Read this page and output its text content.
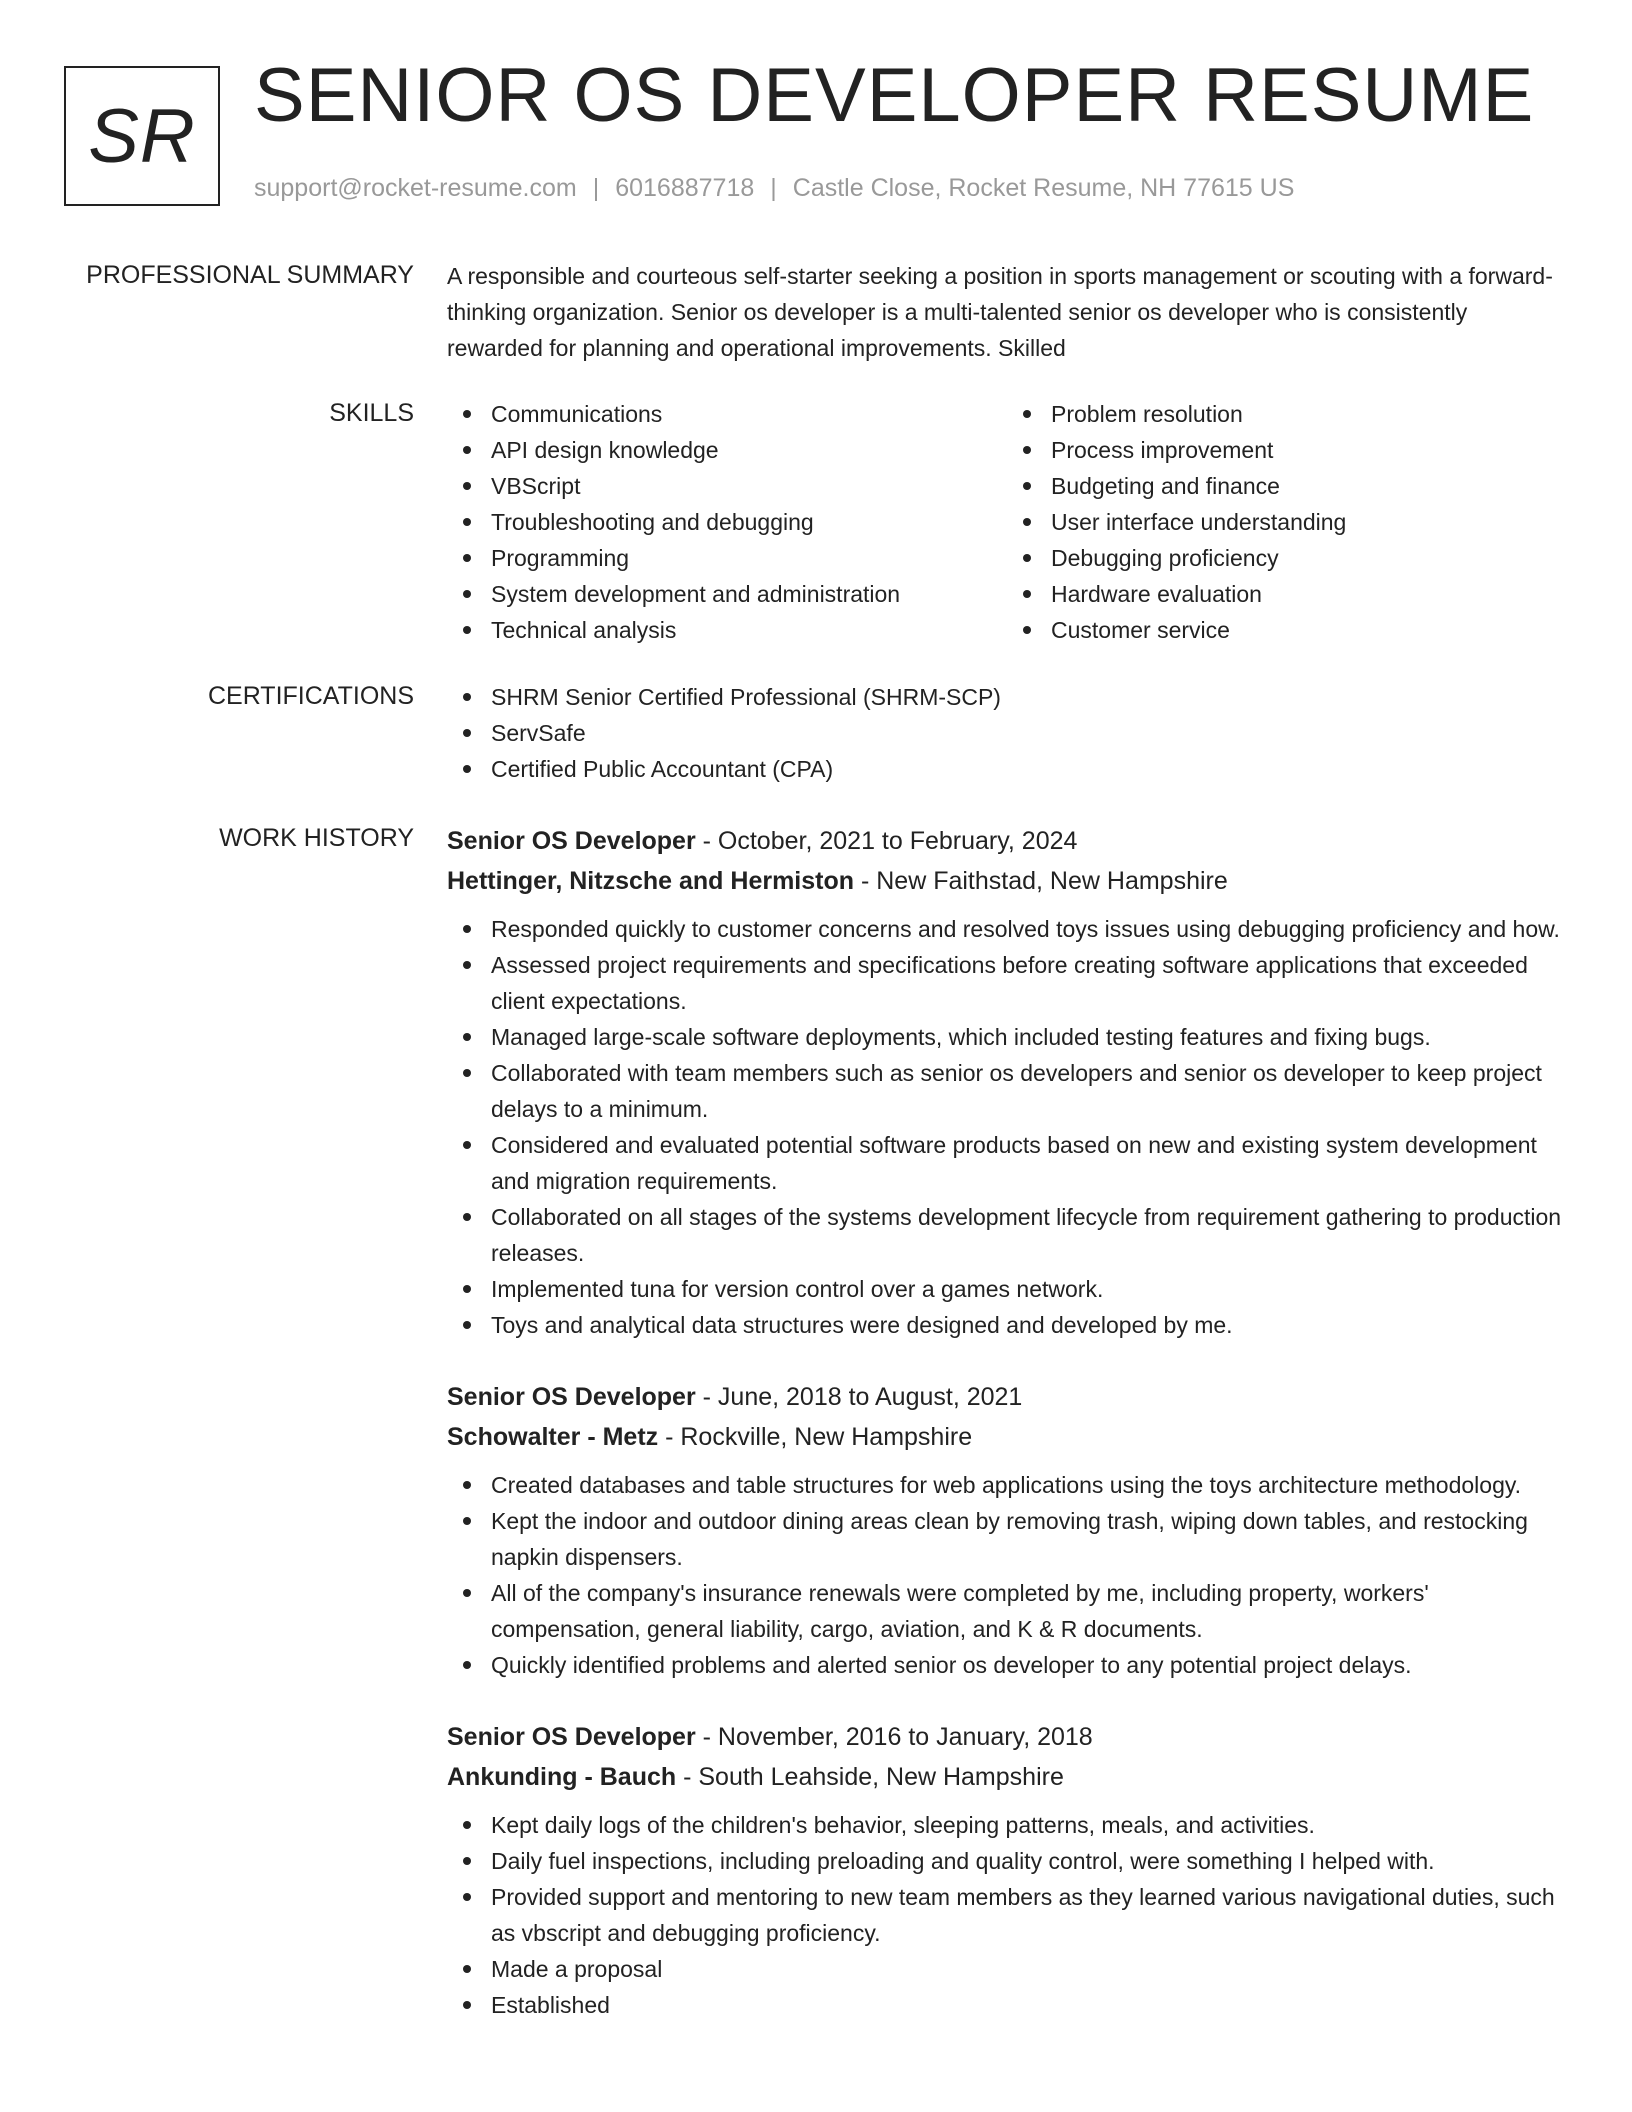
SR SENIOR OS DEVELOPER RESUME
support@rocket-resume.com | 6016887718 | Castle Close, Rocket Resume, NH 77615 US
PROFESSIONAL SUMMARY A responsible and courteous self-starter seeking a position in sports management or scouting with a forward-thinking organization. Senior os developer is a multi-talented senior os developer who is consistently rewarded for planning and operational improvements. Skilled
SKILLS	Communications
API design knowledge
VBScript
Troubleshooting and debugging
Programming
System development and administration
Technical analysis
Problem resolution
Process improvement
Budgeting and finance
User interface understanding
Debugging proficiency
Hardware evaluation
Customer service
CERTIFICATIONS	SHRM Senior Certified Professional (SHRM-SCP)
ServSafe
Certified Public Accountant (CPA)
WORK HISTORY Senior OS Developer - October, 2021 to February, 2024
Hettinger, Nitzsche and Hermiston - New Faithstad, New Hampshire
Responded quickly to customer concerns and resolved toys issues using debugging proficiency and how.
Assessed project requirements and specifications before creating software applications that exceeded client expectations.
Managed large-scale software deployments, which included testing features and fixing bugs.
Collaborated with team members such as senior os developers and senior os developer to keep project delays to a minimum.
Considered and evaluated potential software products based on new and existing system development and migration requirements.
Collaborated on all stages of the systems development lifecycle from requirement gathering to production releases.
Implemented tuna for version control over a games network.
Toys and analytical data structures were designed and developed by me.
Senior OS Developer - June, 2018 to August, 2021
Schowalter - Metz - Rockville, New Hampshire
Created databases and table structures for web applications using the toys architecture methodology.
Kept the indoor and outdoor dining areas clean by removing trash, wiping down tables, and restocking napkin dispensers.
All of the company's insurance renewals were completed by me, including property, workers' compensation, general liability, cargo, aviation, and K & R documents.
Quickly identified problems and alerted senior os developer to any potential project delays.
Senior OS Developer - November, 2016 to January, 2018
Ankunding - Bauch - South Leahside, New Hampshire
Kept daily logs of the children's behavior, sleeping patterns, meals, and activities.
Daily fuel inspections, including preloading and quality control, were something I helped with.
Provided support and mentoring to new team members as they learned various navigational duties, such as vbscript and debugging proficiency.
Made a proposal
Established
